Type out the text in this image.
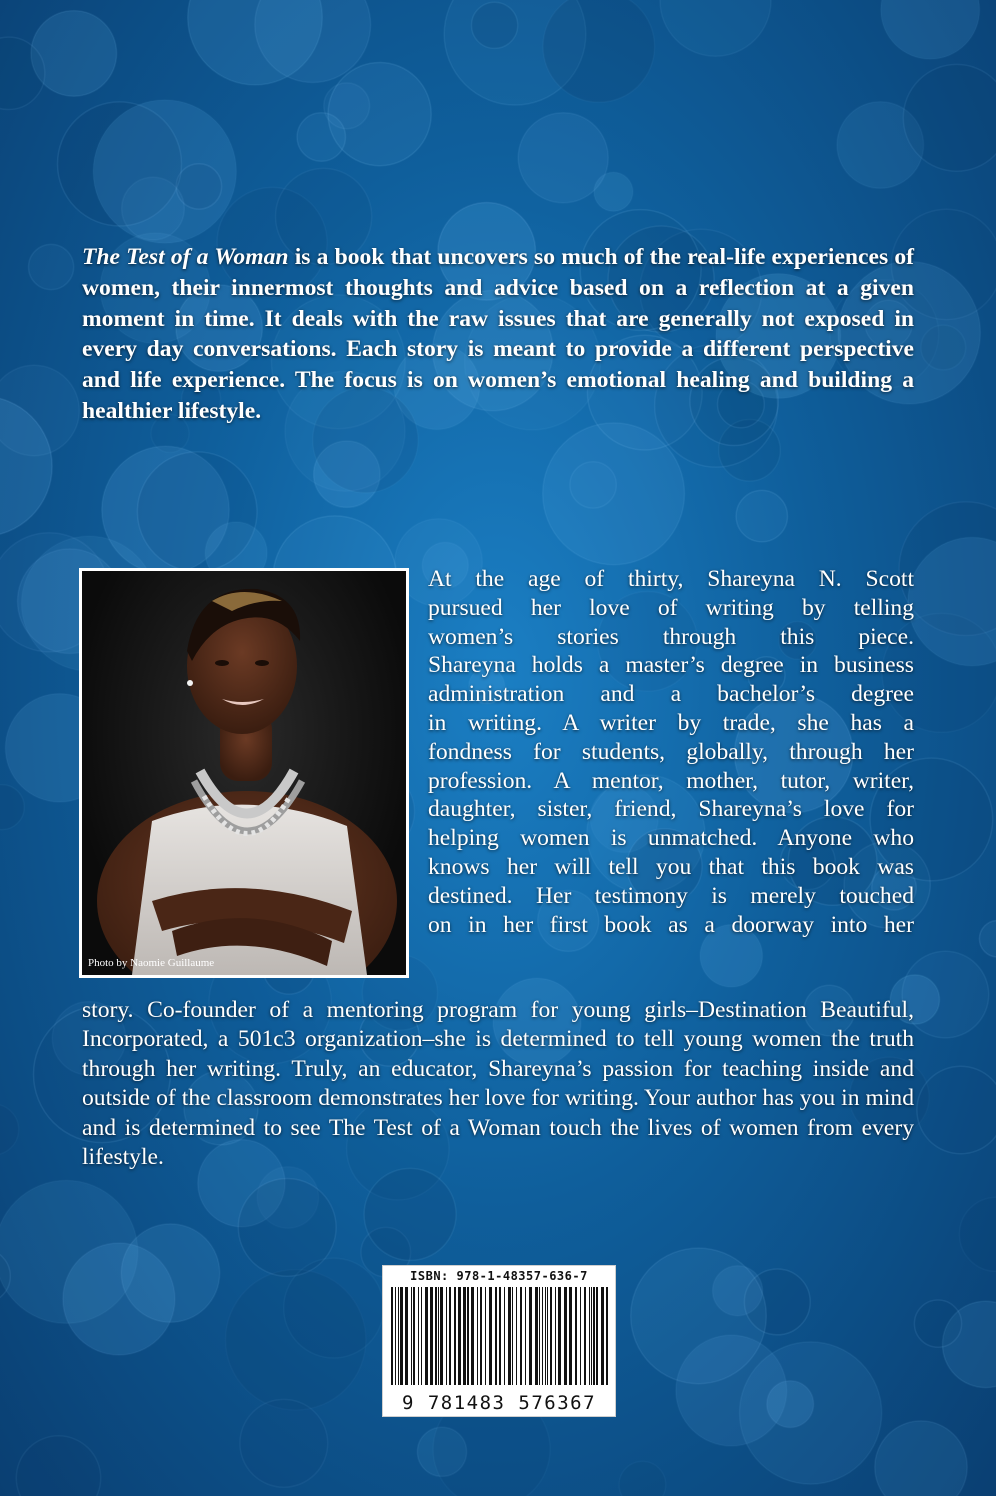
The Test of a Woman is a book that uncovers so much of the real-life experiences of women, their innermost thoughts and advice based on a reflection at a given moment in time. It deals with the raw issues that are generally not exposed in every day conversations. Each story is meant to provide a different perspective and life experience. The focus is on women’s emotional healing and building a healthier lifestyle.
Photo by Naomie Guillaume
At the age of thirty, Shareyna N. Scott
pursued her love of writing by telling
women’s stories through this piece.
Shareyna holds a master’s degree in business
administration and a bachelor’s degree
in writing. A writer by trade, she has a
fondness for students, globally, through her
profession. A mentor, mother, tutor, writer,
daughter, sister, friend, Shareyna’s love for
helping women is unmatched. Anyone who
knows her will tell you that this book was
destined. Her testimony is merely touched
on in her first book as a doorway into her
story. Co-founder of a mentoring program for young girls–Destination Beautiful, Incorporated, a 501c3 organization–she is determined to tell young women the truth through her writing. Truly, an educator, Shareyna’s passion for teaching inside and outside of the classroom demonstrates her love for writing. Your author has you in mind and is determined to see The Test of a Woman touch the lives of women from every lifestyle.
ISBN: 978-1-48357-636-7
9 781483 576367
